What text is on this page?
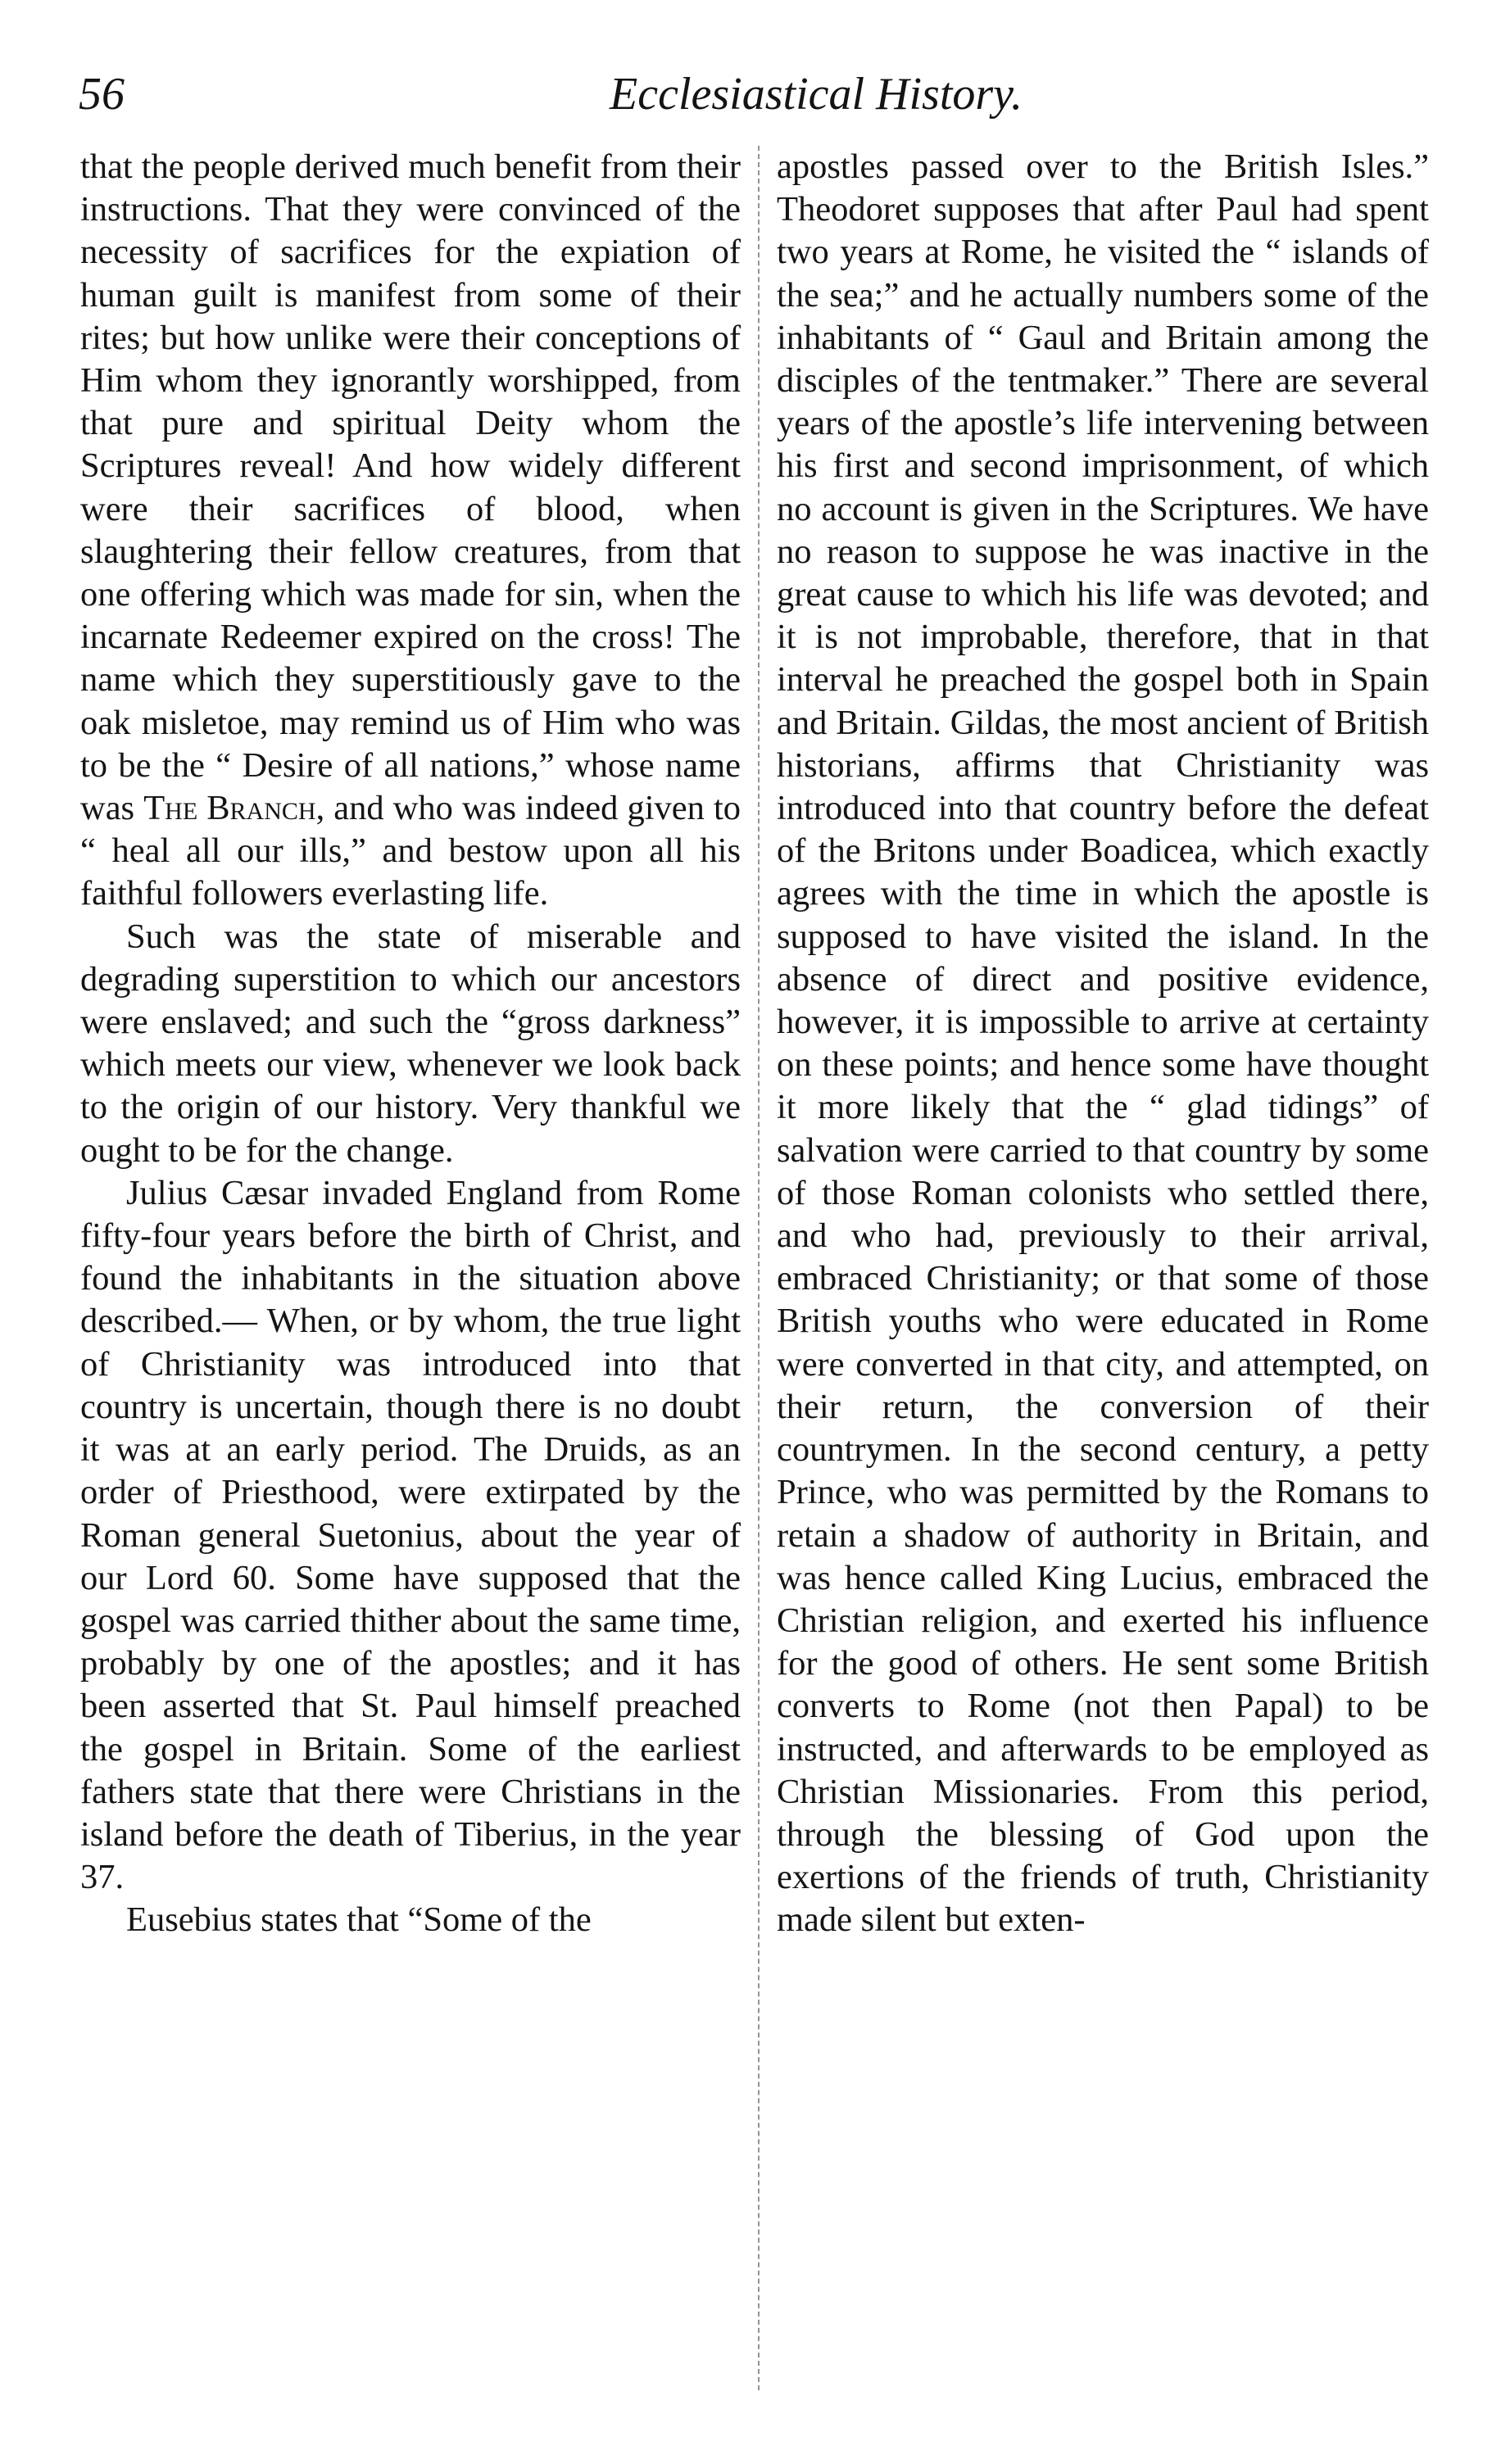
56	Ecclesiastical History.

that the people derived much benefit from their instructions. That they were convinced of the necessity of sacrifices for the expiation of human guilt is manifest from some of their rites; but how unlike were their conceptions of Him whom they ignorantly worshipped, from that pure and spiritual Deity whom the Scriptures reveal! And how widely different were their sacrifices of blood, when slaughtering their fellow creatures, from that one offering which was made for sin, when the incarnate Redeemer expired on the cross! The name which they superstitiously gave to the oak misletoe, may remind us of Him who was to be the “ Desire of all nations,” whose name was The Branch, and who was indeed given to “ heal all our ills,” and bestow upon all his faithful followers everlasting life.

Such was the state of miserable and degrading superstition to which our ancestors were enslaved; and such the “gross darkness” which meets our view, whenever we look back to the origin of our history. Very thankful we ought to be for the change.

Julius Cæsar invaded England from Rome fifty-four years before the birth of Christ, and found the inhabitants in the situation above described.— When, or by whom, the true light of Christianity was introduced into that country is uncertain, though there is no doubt it was at an early period. The Druids, as an order of Priesthood, were extirpated by the Roman general Suetonius, about the year of our Lord 60. Some have supposed that the gospel was carried thither about the same time, probably by one of the apostles; and it has been asserted that St. Paul himself preached the gospel in Britain. Some of the earliest fathers state that there were Christians in the island before the death of Tiberius, in the year 37.

Eusebius states that “Some of the

apostles passed over to the British Isles.” Theodoret supposes that after Paul had spent two years at Rome, he visited the “ islands of the sea;” and he actually numbers some of the inhabitants of “ Gaul and Britain among the disciples of the tentmaker.” There are several years of the apostle’s life intervening between his first and second imprisonment, of which no account is given in the Scriptures. We have no reason to suppose he was inactive in the great cause to which his life was devoted; and it is not improbable, therefore, that in that interval he preached the gospel both in Spain and Britain. Gildas, the most ancient of British historians, affirms that Christianity was introduced into that country before the defeat of the Britons under Boadicea, which exactly agrees with the time in which the apostle is supposed to have visited the island. In the absence of direct and positive evidence, however, it is impossible to arrive at certainty on these points; and hence some have thought it more likely that the “ glad tidings” of salvation were carried to that country by some of those Roman colonists who settled there, and who had, previously to their arrival, embraced Christianity; or that some of those British youths who were educated in Rome were converted in that city, and attempted, on their return, the conversion of their countrymen. In the second century, a petty Prince, who was permitted by the Romans to retain a shadow of authority in Britain, and was hence called King Lucius, embraced the Christian religion, and exerted his influence for the good of others. He sent some British converts to Rome (not then Papal) to be instructed, and afterwards to be employed as Christian Missionaries. From this period, through the blessing of God upon the exertions of the friends of truth, Christianity made silent but exten-
